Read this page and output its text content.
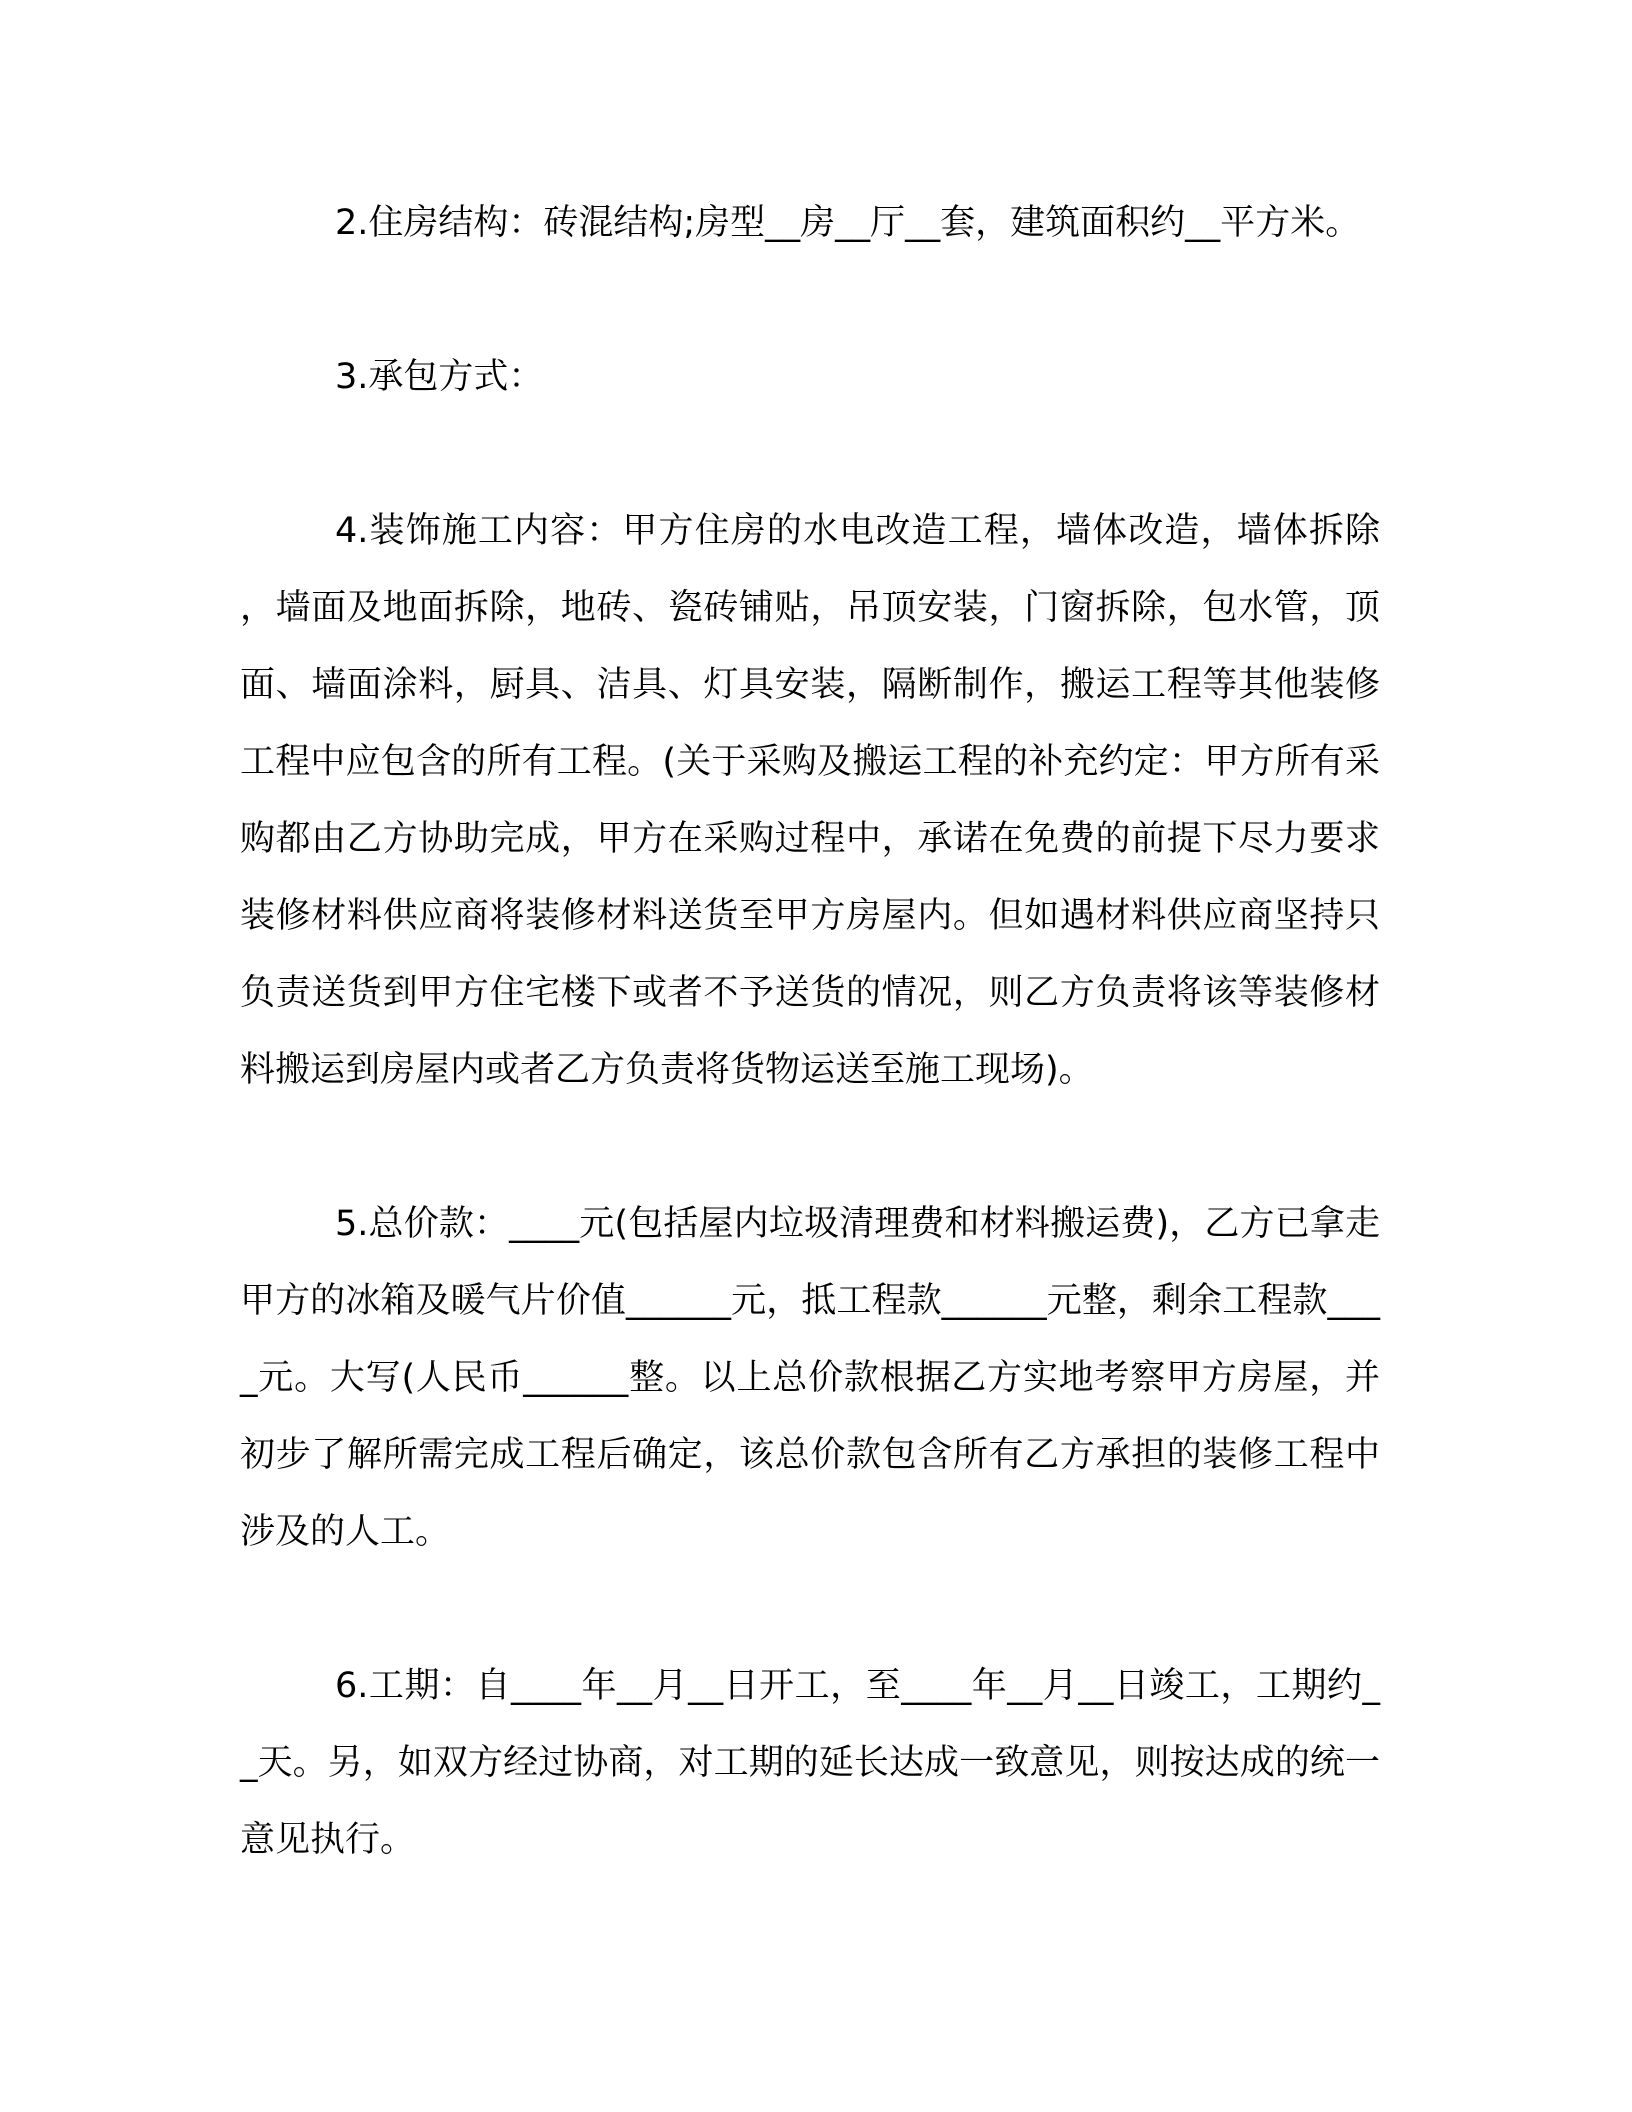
2.住房结构：砖混结构;房型__房__厅__套，建筑面积约__平方米。

3.承包方式：

4.装饰施工内容：甲方住房的水电改造工程，墙体改造，墙体拆除，墙面及地面拆除，地砖、瓷砖铺贴，吊顶安装，门窗拆除，包水管，顶面、墙面涂料，厨具、洁具、灯具安装，隔断制作，搬运工程等其他装修工程中应包含的所有工程。(关于采购及搬运工程的补充约定：甲方所有采购都由乙方协助完成，甲方在采购过程中，承诺在免费的前提下尽力要求装修材料供应商将装修材料送货至甲方房屋内。但如遇材料供应商坚持只负责送货到甲方住宅楼下或者不予送货的情况，则乙方负责将该等装修材料搬运到房屋内或者乙方负责将货物运送至施工现场)。

5.总价款：____元(包括屋内垃圾清理费和材料搬运费)，乙方已拿走甲方的冰箱及暖气片价值______元，抵工程款______元整，剩余工程款____元。大写(人民币______整。以上总价款根据乙方实地考察甲方房屋，并初步了解所需完成工程后确定，该总价款包含所有乙方承担的装修工程中涉及的人工。

6.工期：自____年__月__日开工，至____年__月__日竣工，工期约__天。另，如双方经过协商，对工期的延长达成一致意见，则按达成的统一意见执行。
